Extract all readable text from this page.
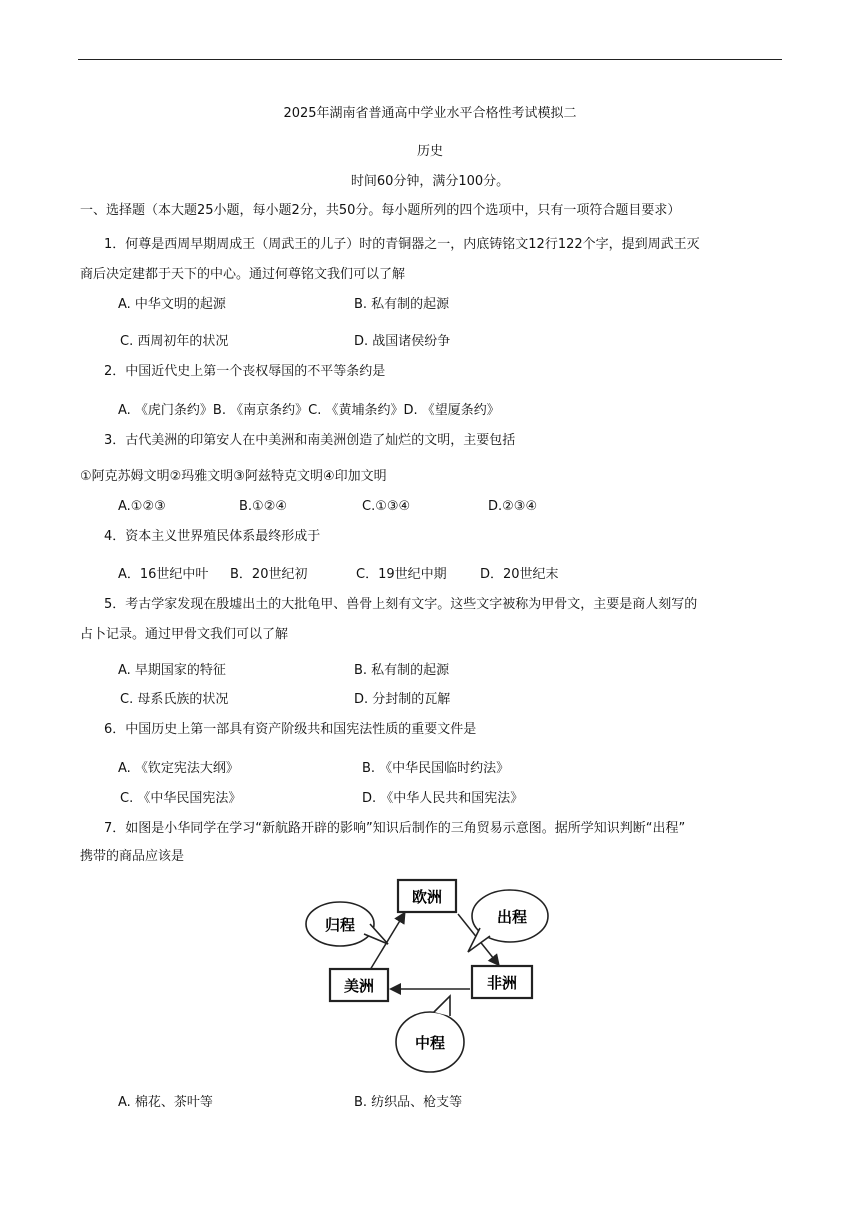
2025年湖南省普通高中学业水平合格性考试模拟二
历史
时间60分钟，满分100分。
一、选择题（本大题25小题，每小题2分，共50分。每小题所列的四个选项中，只有一项符合题目要求）
1．何尊是西周早期周成王（周武王的儿子）时的青铜器之一，内底铸铭文12行122个字，提到周武王灭
商后决定建都于天下的中心。通过何尊铭文我们可以了解
A. 中华文明的起源	B. 私有制的起源
C. 西周初年的状况	D. 战国诸侯纷争
2．中国近代史上第一个丧权辱国的不平等条约是
A. 《虎门条约》B. 《南京条约》C. 《黄埔条约》D. 《望厦条约》
3．古代美洲的印第安人在中美洲和南美洲创造了灿烂的文明，主要包括
①阿克苏姆文明②玛雅文明③阿兹特克文明④印加文明
A.①②③	B.①②④	C.①③④	D.②③④
4．资本主义世界殖民体系最终形成于
A．16世纪中叶 B．20世纪初	C．19世纪中期	D．20世纪末
5．考古学家发现在殷墟出土的大批龟甲、兽骨上刻有文字。这些文字被称为甲骨文，主要是商人刻写的
占卜记录。通过甲骨文我们可以了解
A. 早期国家的特征	B. 私有制的起源
C. 母系氏族的状况	D. 分封制的瓦解
6．中国历史上第一部具有资产阶级共和国宪法性质的重要文件是
A. 《钦定宪法大纲》	B. 《中华民国临时约法》
C. 《中华民国宪法》	D. 《中华人民共和国宪法》
7．如图是小华同学在学习“新航路开辟的影响”知识后制作的三角贸易示意图。据所学知识判断“出程”
携带的商品应该是
欧洲
美洲	非洲
归程	出程
中程
A. 棉花、茶叶等	B. 纺织品、枪支等
